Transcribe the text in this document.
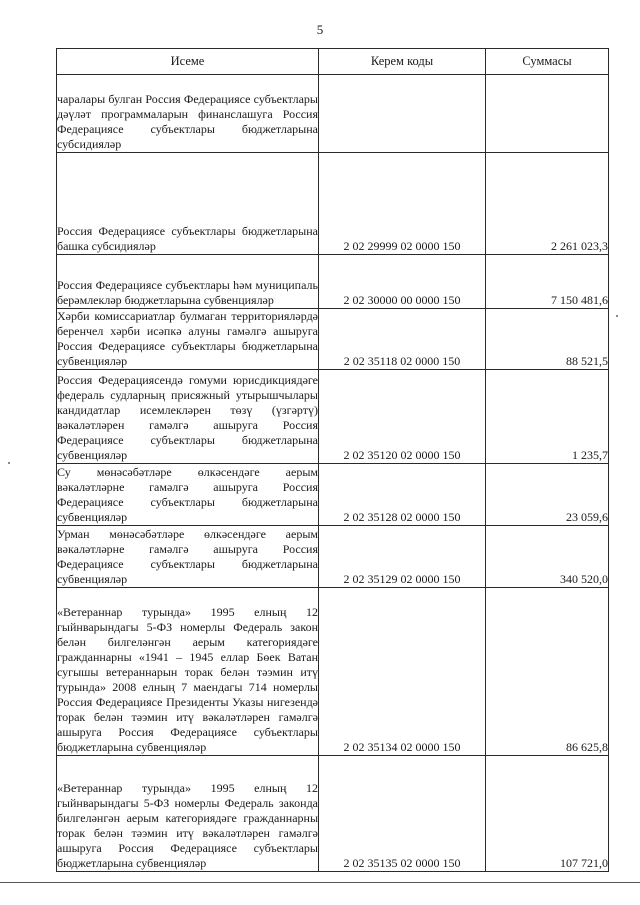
5
Исеме	Керем коды	Суммасы
чаралары булган Россия Федерациясе субъектлары дәүләт программаларын финанслашуга Россия Федерациясе субъектлары бюджетларына субсидияләр		
Россия Федерациясе субъектлары бюджетларына башка субсидияләр	2 02 29999 02 0000 150	2 261 023,3
Россия Федерациясе субъектлары һәм муниципаль берәмлекләр бюджетларына субвенцияләр	2 02 30000 00 0000 150	7 150 481,6
Хәрби комиссариатлар булмаган территорияләрдә беренчел хәрби исәпкә алуны гамәлгә ашыруга Россия Федерациясе субъектлары бюджетларына субвенцияләр	2 02 35118 02 0000 150	88 521,5
Россия Федерациясендә гомуми юрисдикциядәге федераль судларның присяжный утырышчылары кандидатлар исемлекләрен төзү (үзгәртү) вәкаләтләрен гамәлгә ашыруга Россия Федерациясе субъектлары бюджетларына субвенцияләр	2 02 35120 02 0000 150	1 235,7
Су мөнәсәбәтләре өлкәсендәге аерым вәкаләтләрне гамәлгә ашыруга Россия Федерациясе субъектлары бюджетларына субвенцияләр	2 02 35128 02 0000 150	23 059,6
Урман мөнәсәбәтләре өлкәсендәге аерым вәкаләтләрне гамәлгә ашыруга Россия Федерациясе субъектлары бюджетларына субвенцияләр	2 02 35129 02 0000 150	340 520,0
«Ветераннар турында» 1995 елның 12 гыйнварындагы 5-ФЗ номерлы Федераль закон белән билгеләнгән аерым категориядәге гражданнарны «1941 – 1945 еллар Бөек Ватан сугышы ветераннарын торак белән тәэмин итү турында» 2008 елның 7 маендагы 714 номерлы Россия Федерациясе Президенты Указы нигезендә торак белән тәэмин итү вәкаләтләрен гамәлгә ашыруга Россия Федерациясе субъектлары бюджетларына субвенцияләр	2 02 35134 02 0000 150	86 625,8
«Ветераннар турында» 1995 елның 12 гыйнварындагы 5-ФЗ номерлы Федераль законда билгеләнгән аерым категориядәге гражданнарны торак белән тәэмин итү вәкаләтләрен гамәлгә ашыруга Россия Федерациясе субъектлары бюджетларына субвенцияләр	2 02 35135 02 0000 150	107 721,0
